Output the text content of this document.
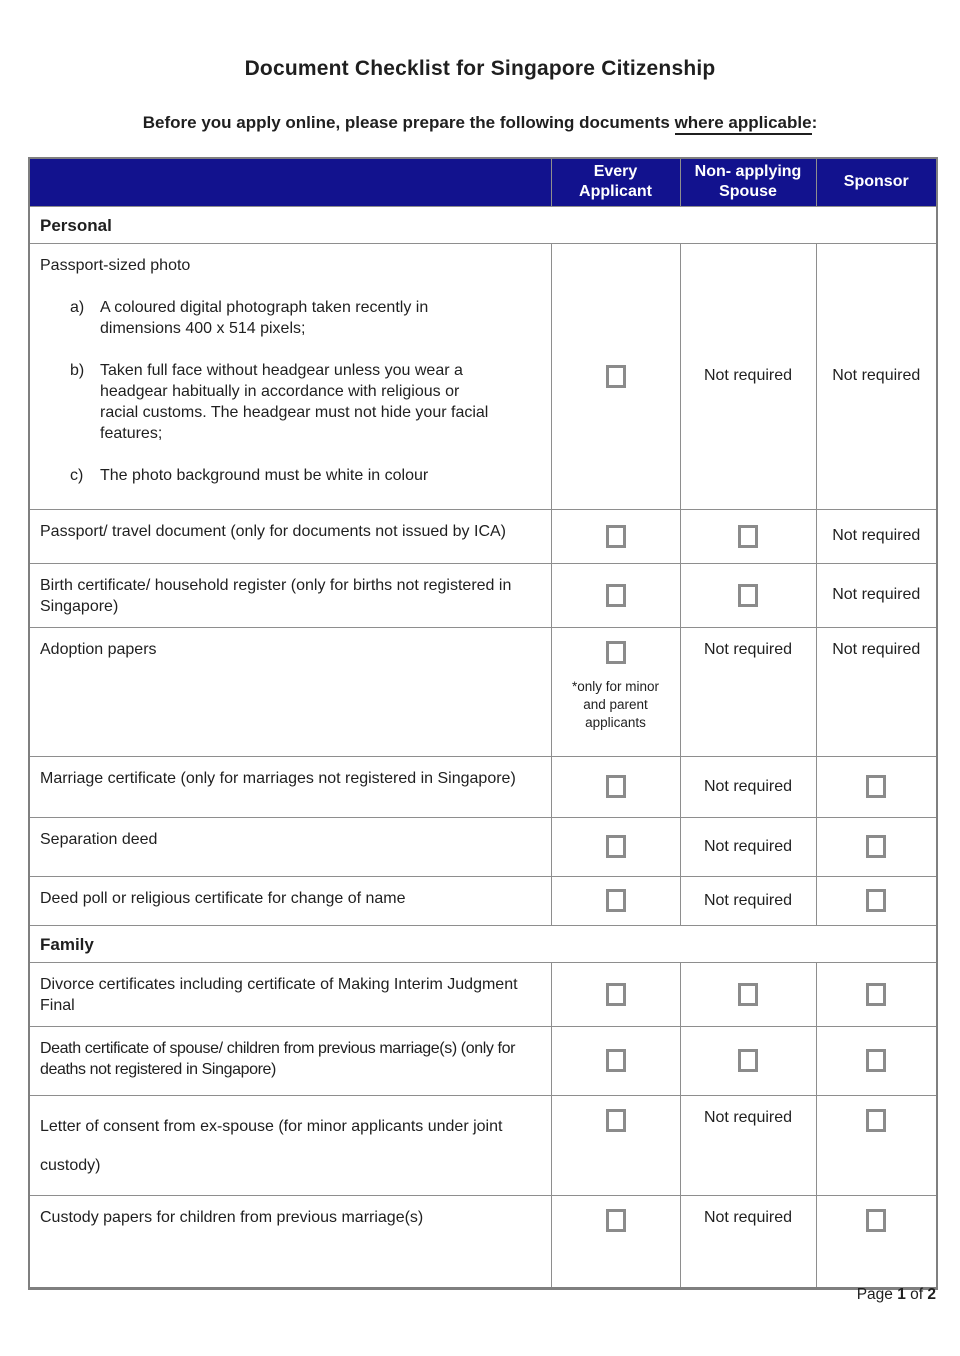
Document Checklist for Singapore Citizenship
Before you apply online, please prepare the following documents where applicable:
	Every Applicant	Non- applying Spouse	Sponsor
Personal			

Passport-sized photo
a) A coloured digital photograph taken recently in dimensions 400 x 514 pixels;
b) Taken full face without headgear unless you wear a headgear habitually in accordance with religious or racial customs. The headgear must not hide your facial features;
c)	The photo background must be white in colour
		Not required	Not required

Passport/ travel document (only for documents not issued by ICA)			Not required

Birth certificate/ household register (only for births not registered in Singapore)			Not required

Adoption papers	*only for minor and parent applicants	Not required	Not required

Marriage certificate (only for marriages not registered in Singapore)		Not required	

Separation deed		Not required	

Deed poll or religious certificate for change of name		Not required	
Family			

Divorce certificates including certificate of Making Interim Judgment Final			

Death certificate of spouse/ children from previous marriage(s) (only for deaths not registered in Singapore)			

Letter of consent from ex-spouse (for minor applicants under joint custody)		Not required	

Custody papers for children from previous marriage(s)		Not required	
Page 1 of 2
